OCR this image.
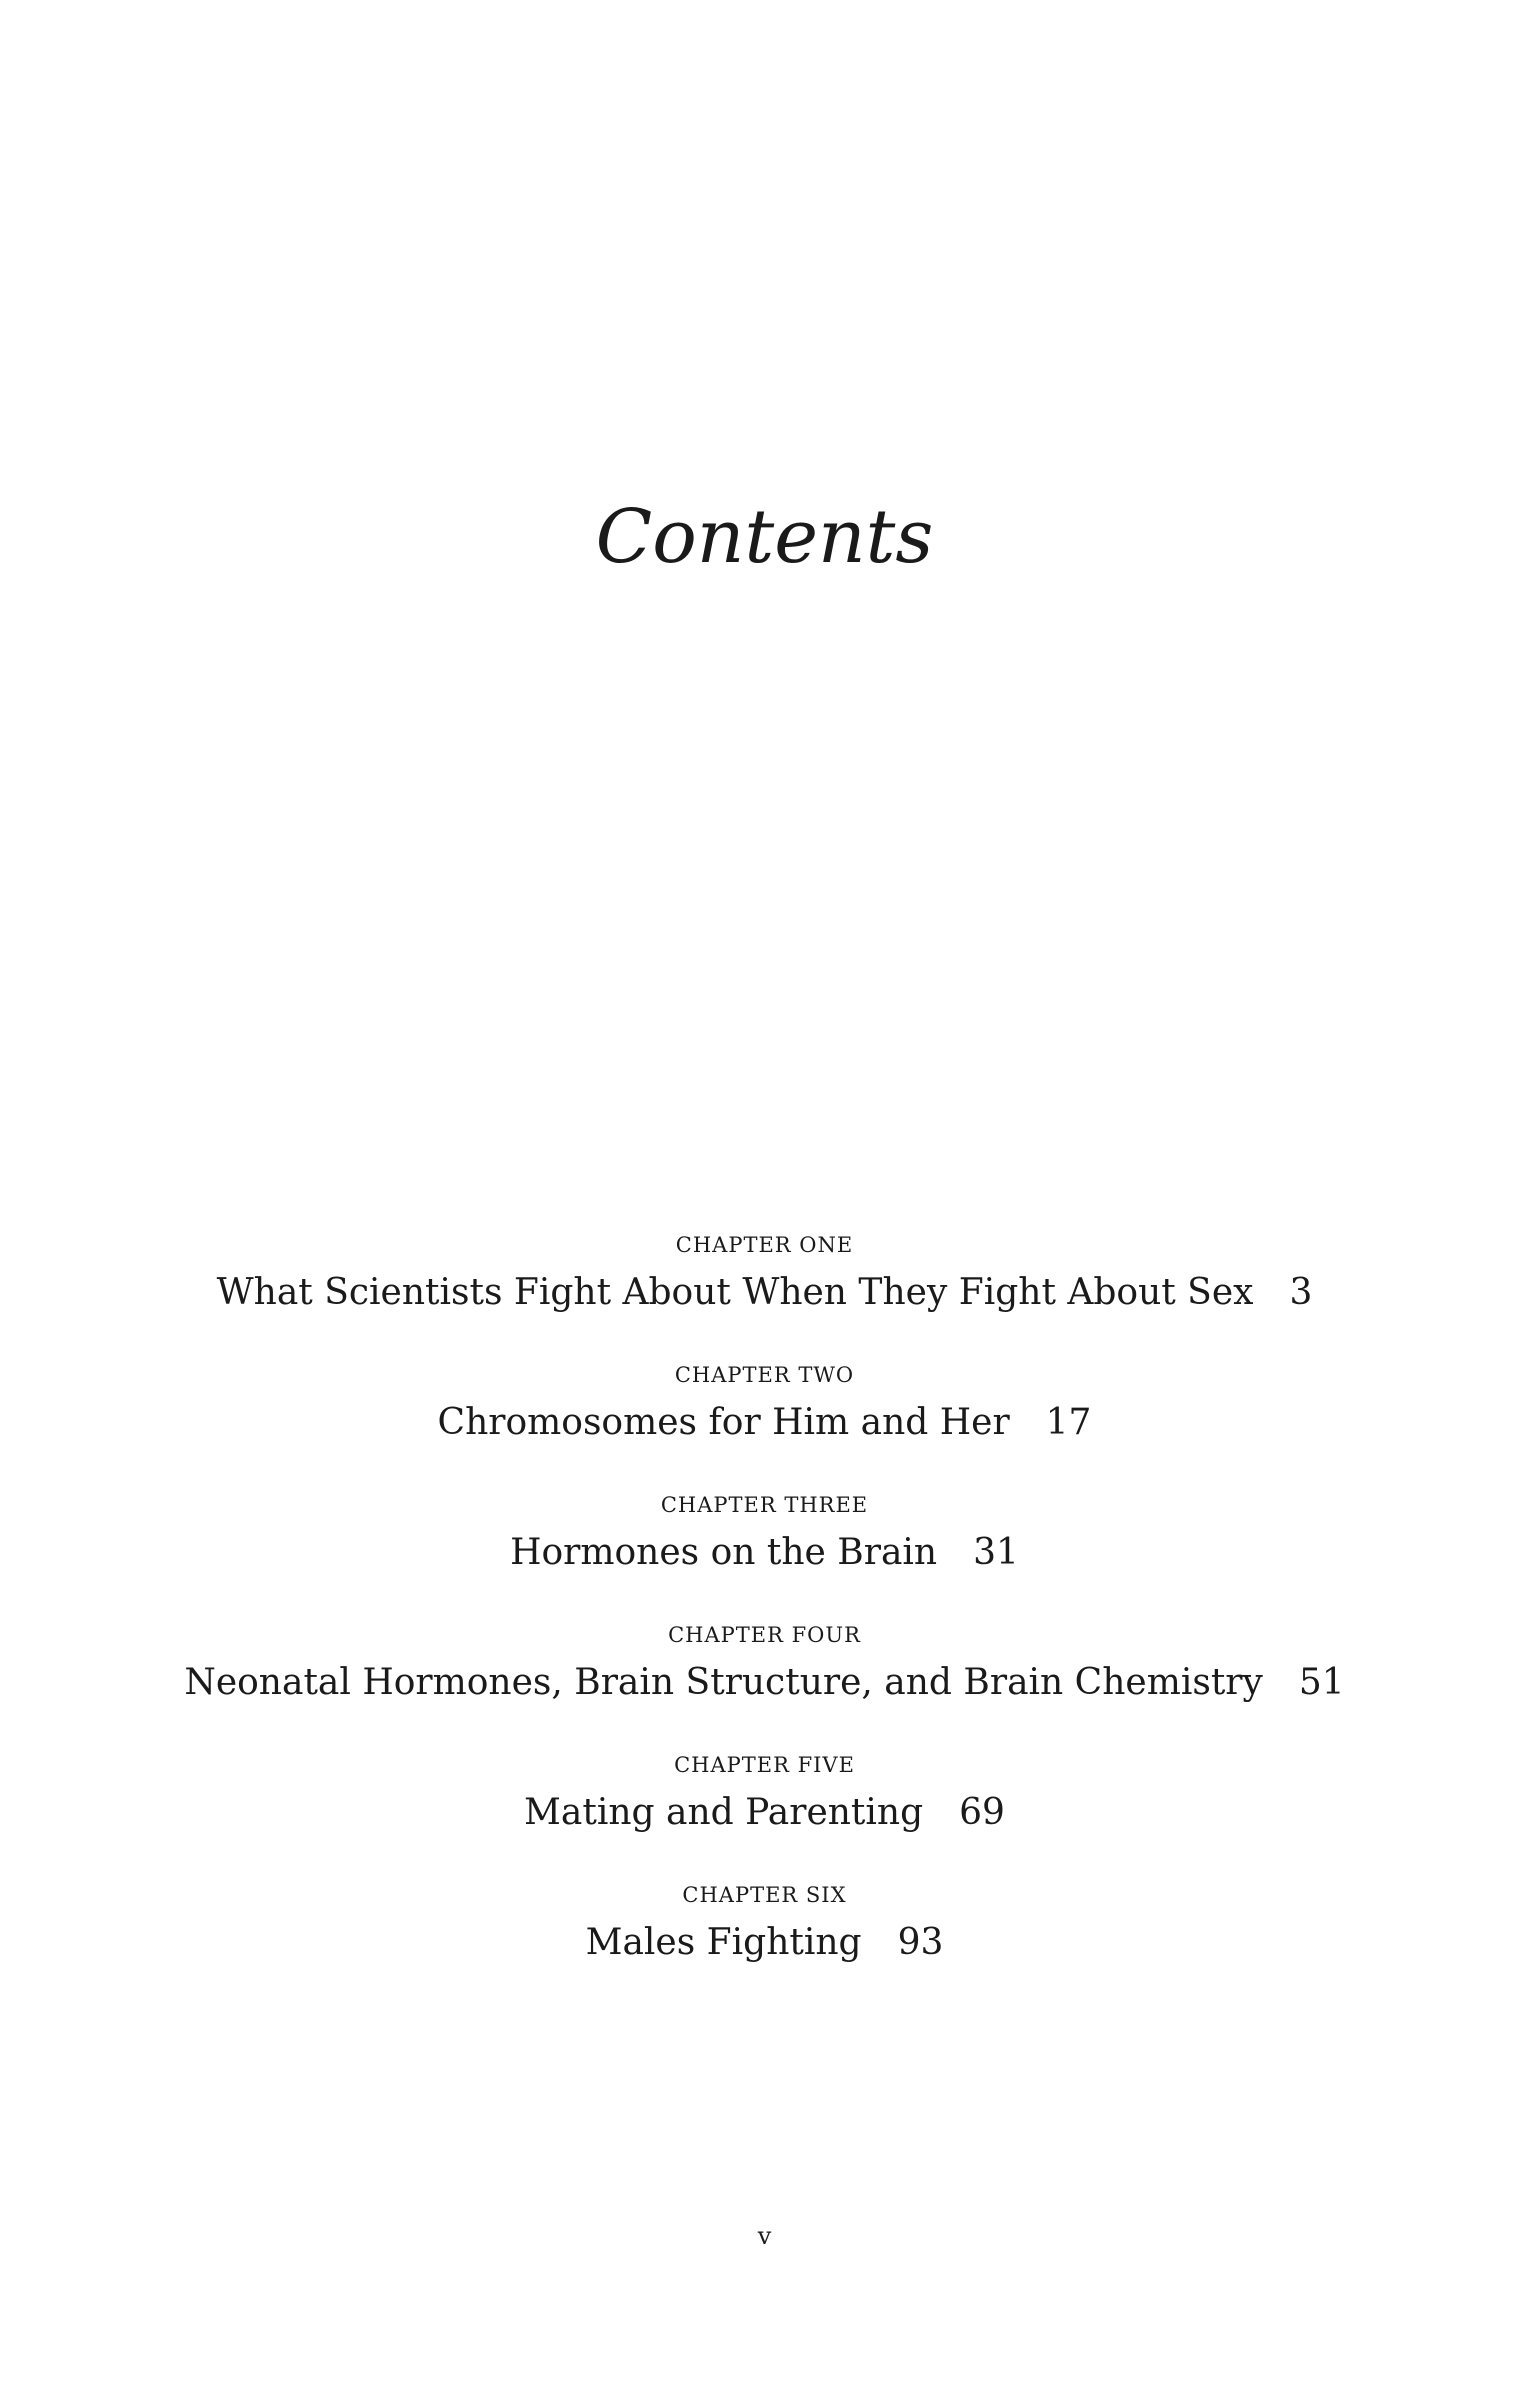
Contents
CHAPTER ONE
What Scientists Fight About When They Fight About Sex 3
CHAPTER TWO
Chromosomes for Him and Her 17
CHAPTER THREE
Hormones on the Brain 31
CHAPTER FOUR
Neonatal Hormones, Brain Structure, and Brain Chemistry 51
CHAPTER FIVE
Mating and Parenting 69
CHAPTER SIX
Males Fighting 93
v
